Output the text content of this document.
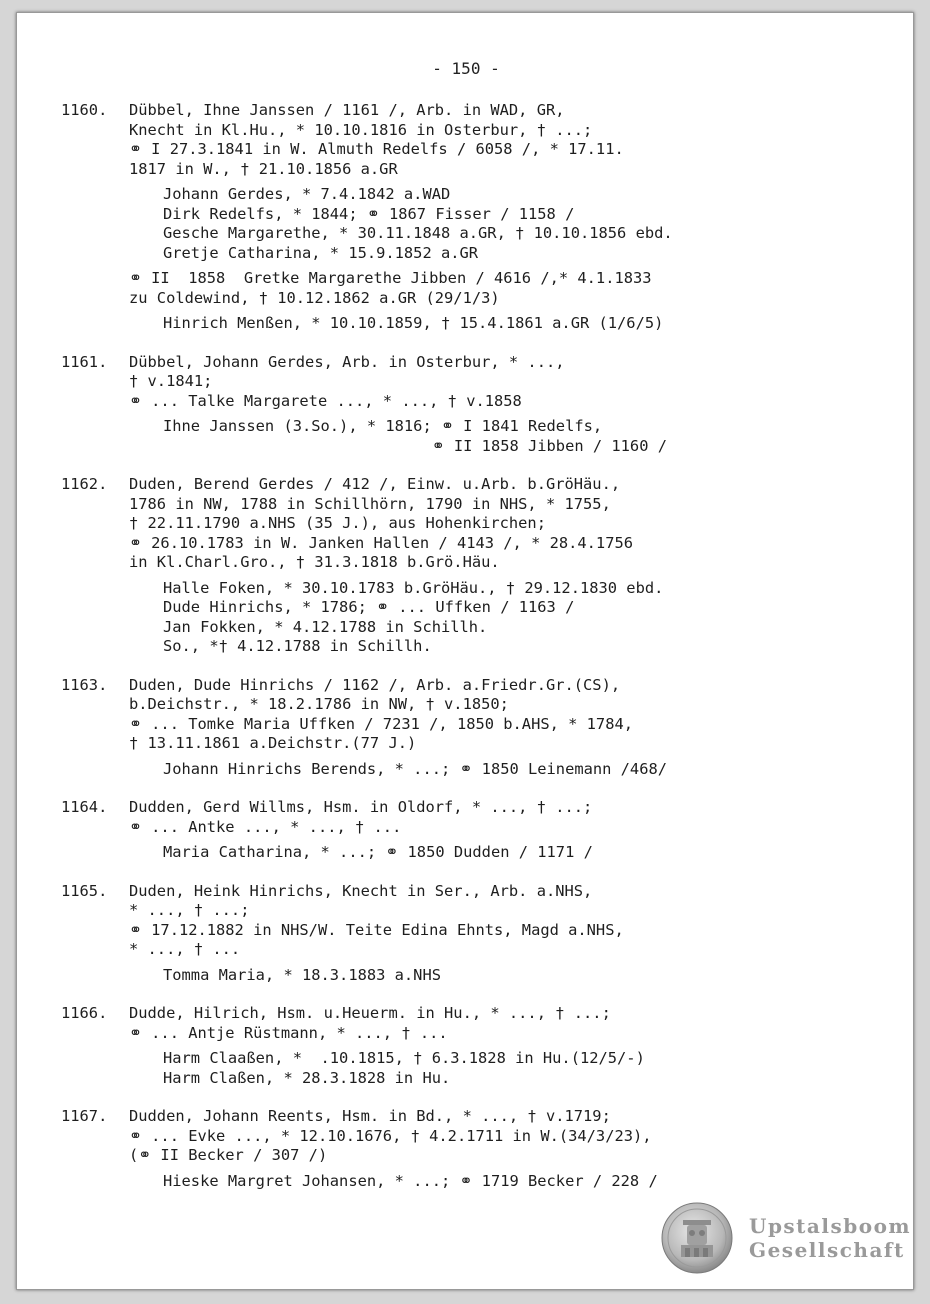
- 150 -
1160.	Dübbel, Ihne Janssen / 1161 /, Arb. in WAD, GR,
Knecht in Kl.Hu., * 10.10.1816 in Osterbur, † ...;
⚭ I 27.3.1841 in W. Almuth Redelfs / 6058 /, * 17.11.
1817 in W., † 21.10.1856 a.GR
Johann Gerdes, * 7.4.1842 a.WAD
Dirk Redelfs, * 1844; ⚭ 1867 Fisser / 1158 /
Gesche Margarethe, * 30.11.1848 a.GR, † 10.10.1856 ebd.
Gretje Catharina, * 15.9.1852 a.GR
⚭ II  1858  Gretke Margarethe Jibben / 4616 /,* 4.1.1833
zu Coldewind, † 10.12.1862 a.GR (29/1/3)
Hinrich Menßen, * 10.10.1859, † 15.4.1861 a.GR (1/6/5)
1161.	Dübbel, Johann Gerdes, Arb. in Osterbur, * ...,
† v.1841;
⚭ ... Talke Margarete ..., * ..., † v.1858
Ihne Janssen (3.So.), * 1816; ⚭ I 1841 Redelfs,
⚭ II 1858 Jibben / 1160 /
1162.	Duden, Berend Gerdes / 412 /, Einw. u.Arb. b.GröHäu.,
1786 in NW, 1788 in Schillhörn, 1790 in NHS, * 1755,
† 22.11.1790 a.NHS (35 J.), aus Hohenkirchen;
⚭ 26.10.1783 in W. Janken Hallen / 4143 /, * 28.4.1756
in Kl.Charl.Gro., † 31.3.1818 b.Grö.Häu.
Halle Foken, * 30.10.1783 b.GröHäu., † 29.12.1830 ebd.
Dude Hinrichs, * 1786; ⚭ ... Uffken / 1163 /
Jan Fokken, * 4.12.1788 in Schillh.
So., *† 4.12.1788 in Schillh.
1163.	Duden, Dude Hinrichs / 1162 /, Arb. a.Friedr.Gr.(CS),
b.Deichstr., * 18.2.1786 in NW, † v.1850;
⚭ ... Tomke Maria Uffken / 7231 /, 1850 b.AHS, * 1784,
† 13.11.1861 a.Deichstr.(77 J.)
Johann Hinrichs Berends, * ...; ⚭ 1850 Leinemann /468/
1164.	Dudden, Gerd Willms, Hsm. in Oldorf, * ..., † ...;
⚭ ... Antke ..., * ..., † ...
Maria Catharina, * ...; ⚭ 1850 Dudden / 1171 /
1165.	Duden, Heink Hinrichs, Knecht in Ser., Arb. a.NHS,
* ..., † ...;
⚭ 17.12.1882 in NHS/W. Teite Edina Ehnts, Magd a.NHS,
* ..., † ...
Tomma Maria, * 18.3.1883 a.NHS
1166.	Dudde, Hilrich, Hsm. u.Heuerm. in Hu., * ..., † ...;
⚭ ... Antje Rüstmann, * ..., † ...
Harm Claaßen, *  .10.1815, † 6.3.1828 in Hu.(12/5/-)
Harm Claßen, * 28.3.1828 in Hu.
1167.	Dudden, Johann Reents, Hsm. in Bd., * ..., † v.1719;
⚭ ... Evke ..., * 12.10.1676, † 4.2.1711 in W.(34/3/23),
(⚭ II Becker / 307 /)
Hieske Margret Johansen, * ...; ⚭ 1719 Becker / 228 /
Upstalsboom
Gesellschaft
